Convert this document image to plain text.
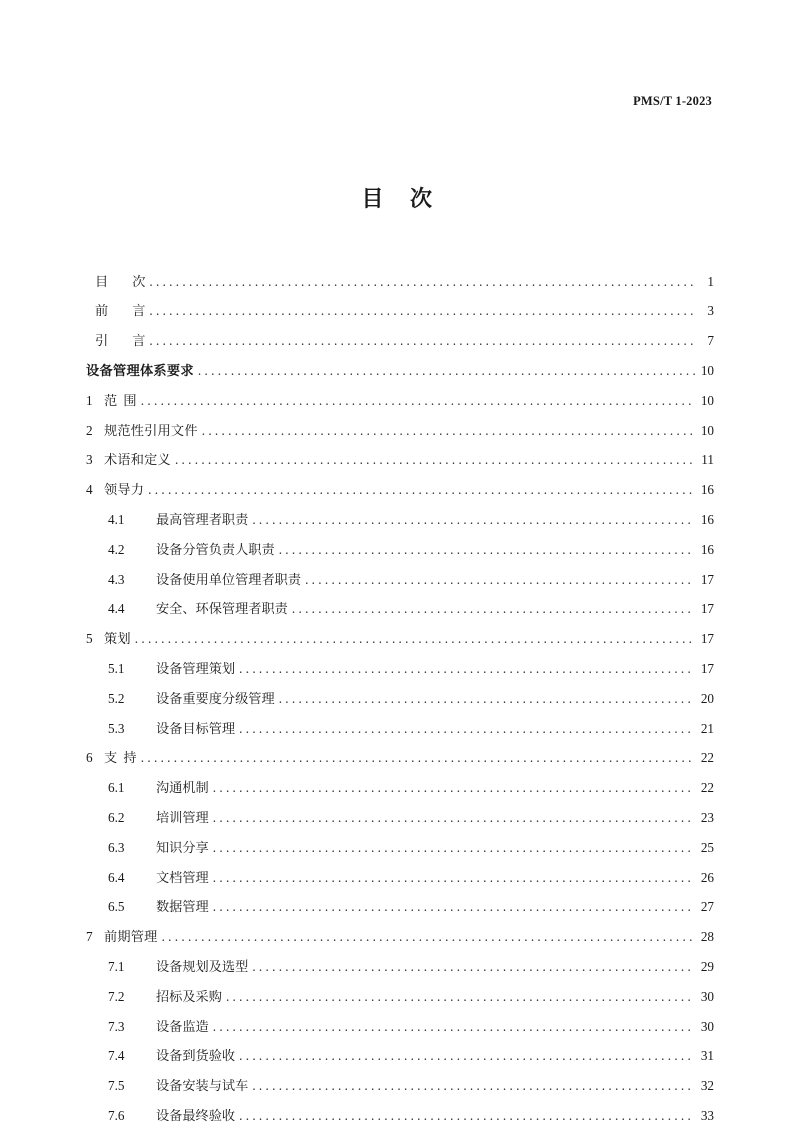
PMS/T 1-2023
目 次
目 次 . . .	1
前 言 . . .	3
引 言 . . .	7
设备管理体系要求 . . .	10
1 范 围 . . .	10
2 规范性引用文件 . . .	10
3 术语和定义 . . .	11
4 领导力 . . .	16
4.1	最高管理者职责 . . .	16
4.2	设备分管负责人职责 . . .	16
4.3	设备使用单位管理者职责 . . .	17
4.4	安全、环保管理者职责 . . .	17
5 策划 . . .	17
5.1	设备管理策划 . . .	17
5.2	设备重要度分级管理 . . .	20
5.3	设备目标管理 . . .	21
6 支 持 . . .	22
6.1	沟通机制 . . .	22
6.2	培训管理 . . .	23
6.3	知识分享 . . .	25
6.4	文档管理 . . .	26
6.5	数据管理 . . .	27
7 前期管理 . . .	28
7.1	设备规划及选型 . . .	29
7.2	招标及采购 . . .	30
7.3	设备监造 . . .	30
7.4	设备到货验收 . . .	31
7.5	设备安装与试车 . . .	32
7.6	设备最终验收 . . .	33
